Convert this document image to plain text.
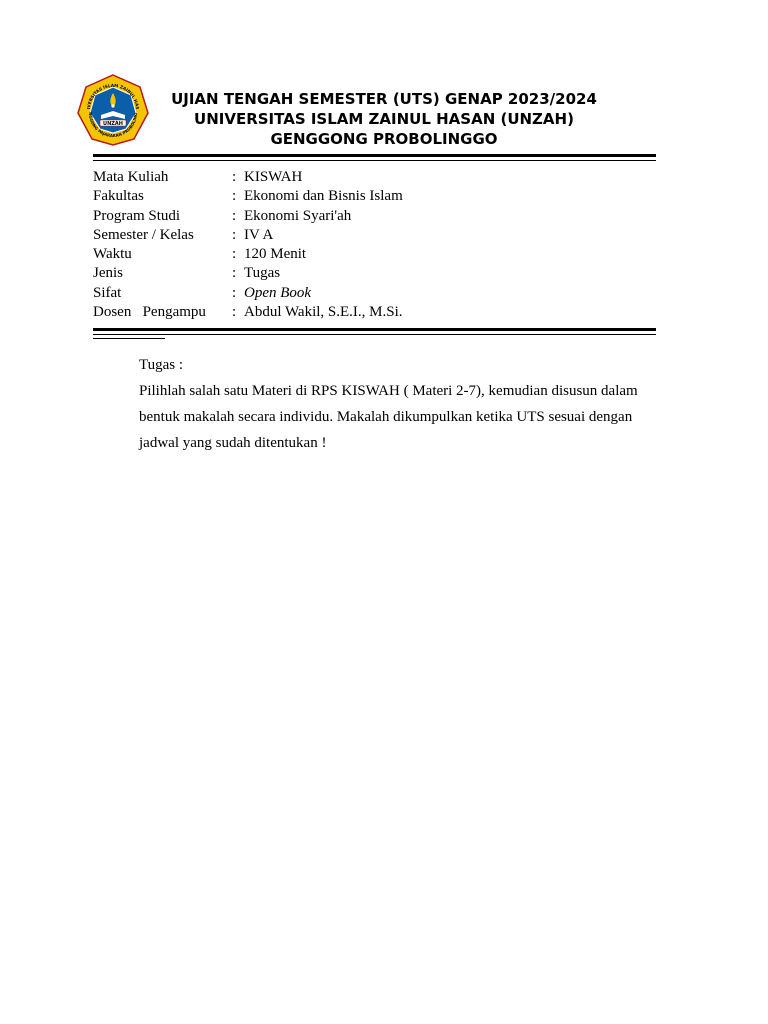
IVERSITAS ISLAM ZAINUL HAS
NGGONG PAJARAKAN PROBOLING
UNZAH
UJIAN TENGAH SEMESTER (UTS) GENAP 2023/2024
UNIVERSITAS ISLAM ZAINUL HASAN (UNZAH)
GENGGONG PROBOLINGGO
Mata Kuliah	: KISWAH
Fakultas	: Ekonomi dan Bisnis Islam
Program Studi	: Ekonomi Syari'ah
Semester / Kelas	: IV A
Waktu	: 120 Menit
Jenis	: Tugas
Sifat	: Open Book
Dosen   Pengampu	: Abdul Wakil, S.E.I., M.Si.

Tugas :

Pilihlah salah satu Materi di RPS KISWAH ( Materi 2-7), kemudian disusun dalam

bentuk makalah secara individu. Makalah dikumpulkan ketika UTS sesuai dengan

jadwal yang sudah ditentukan !
